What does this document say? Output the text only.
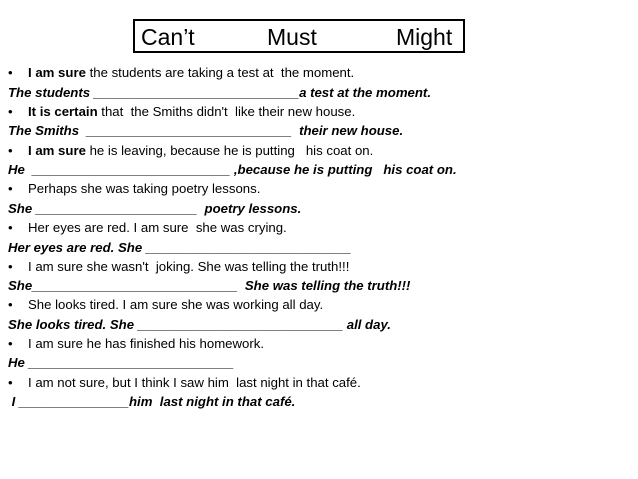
Can’t	Must	Might
• I am sure the students are taking a test at  the moment.
The students ____________________________a test at the moment.
• It is certain that  the Smiths didn't  like their new house.
The Smiths  ____________________________  their new house.
• I am sure he is leaving, because he is putting   his coat on.
He  ___________________________ ,because he is putting   his coat on.
• Perhaps she was taking poetry lessons.
She ______________________  poetry lessons.
• Her eyes are red. I am sure  she was crying.
Her eyes are red. She ____________________________
• I am sure she wasn't  joking. She was telling the truth!!!
She____________________________  She was telling the truth!!!
• She looks tired. I am sure she was working all day.
She looks tired. She ____________________________ all day.
• I am sure he has finished his homework.
He ____________________________
• I am not sure, but I think I saw him  last night in that café.
I _______________him  last night in that café.
